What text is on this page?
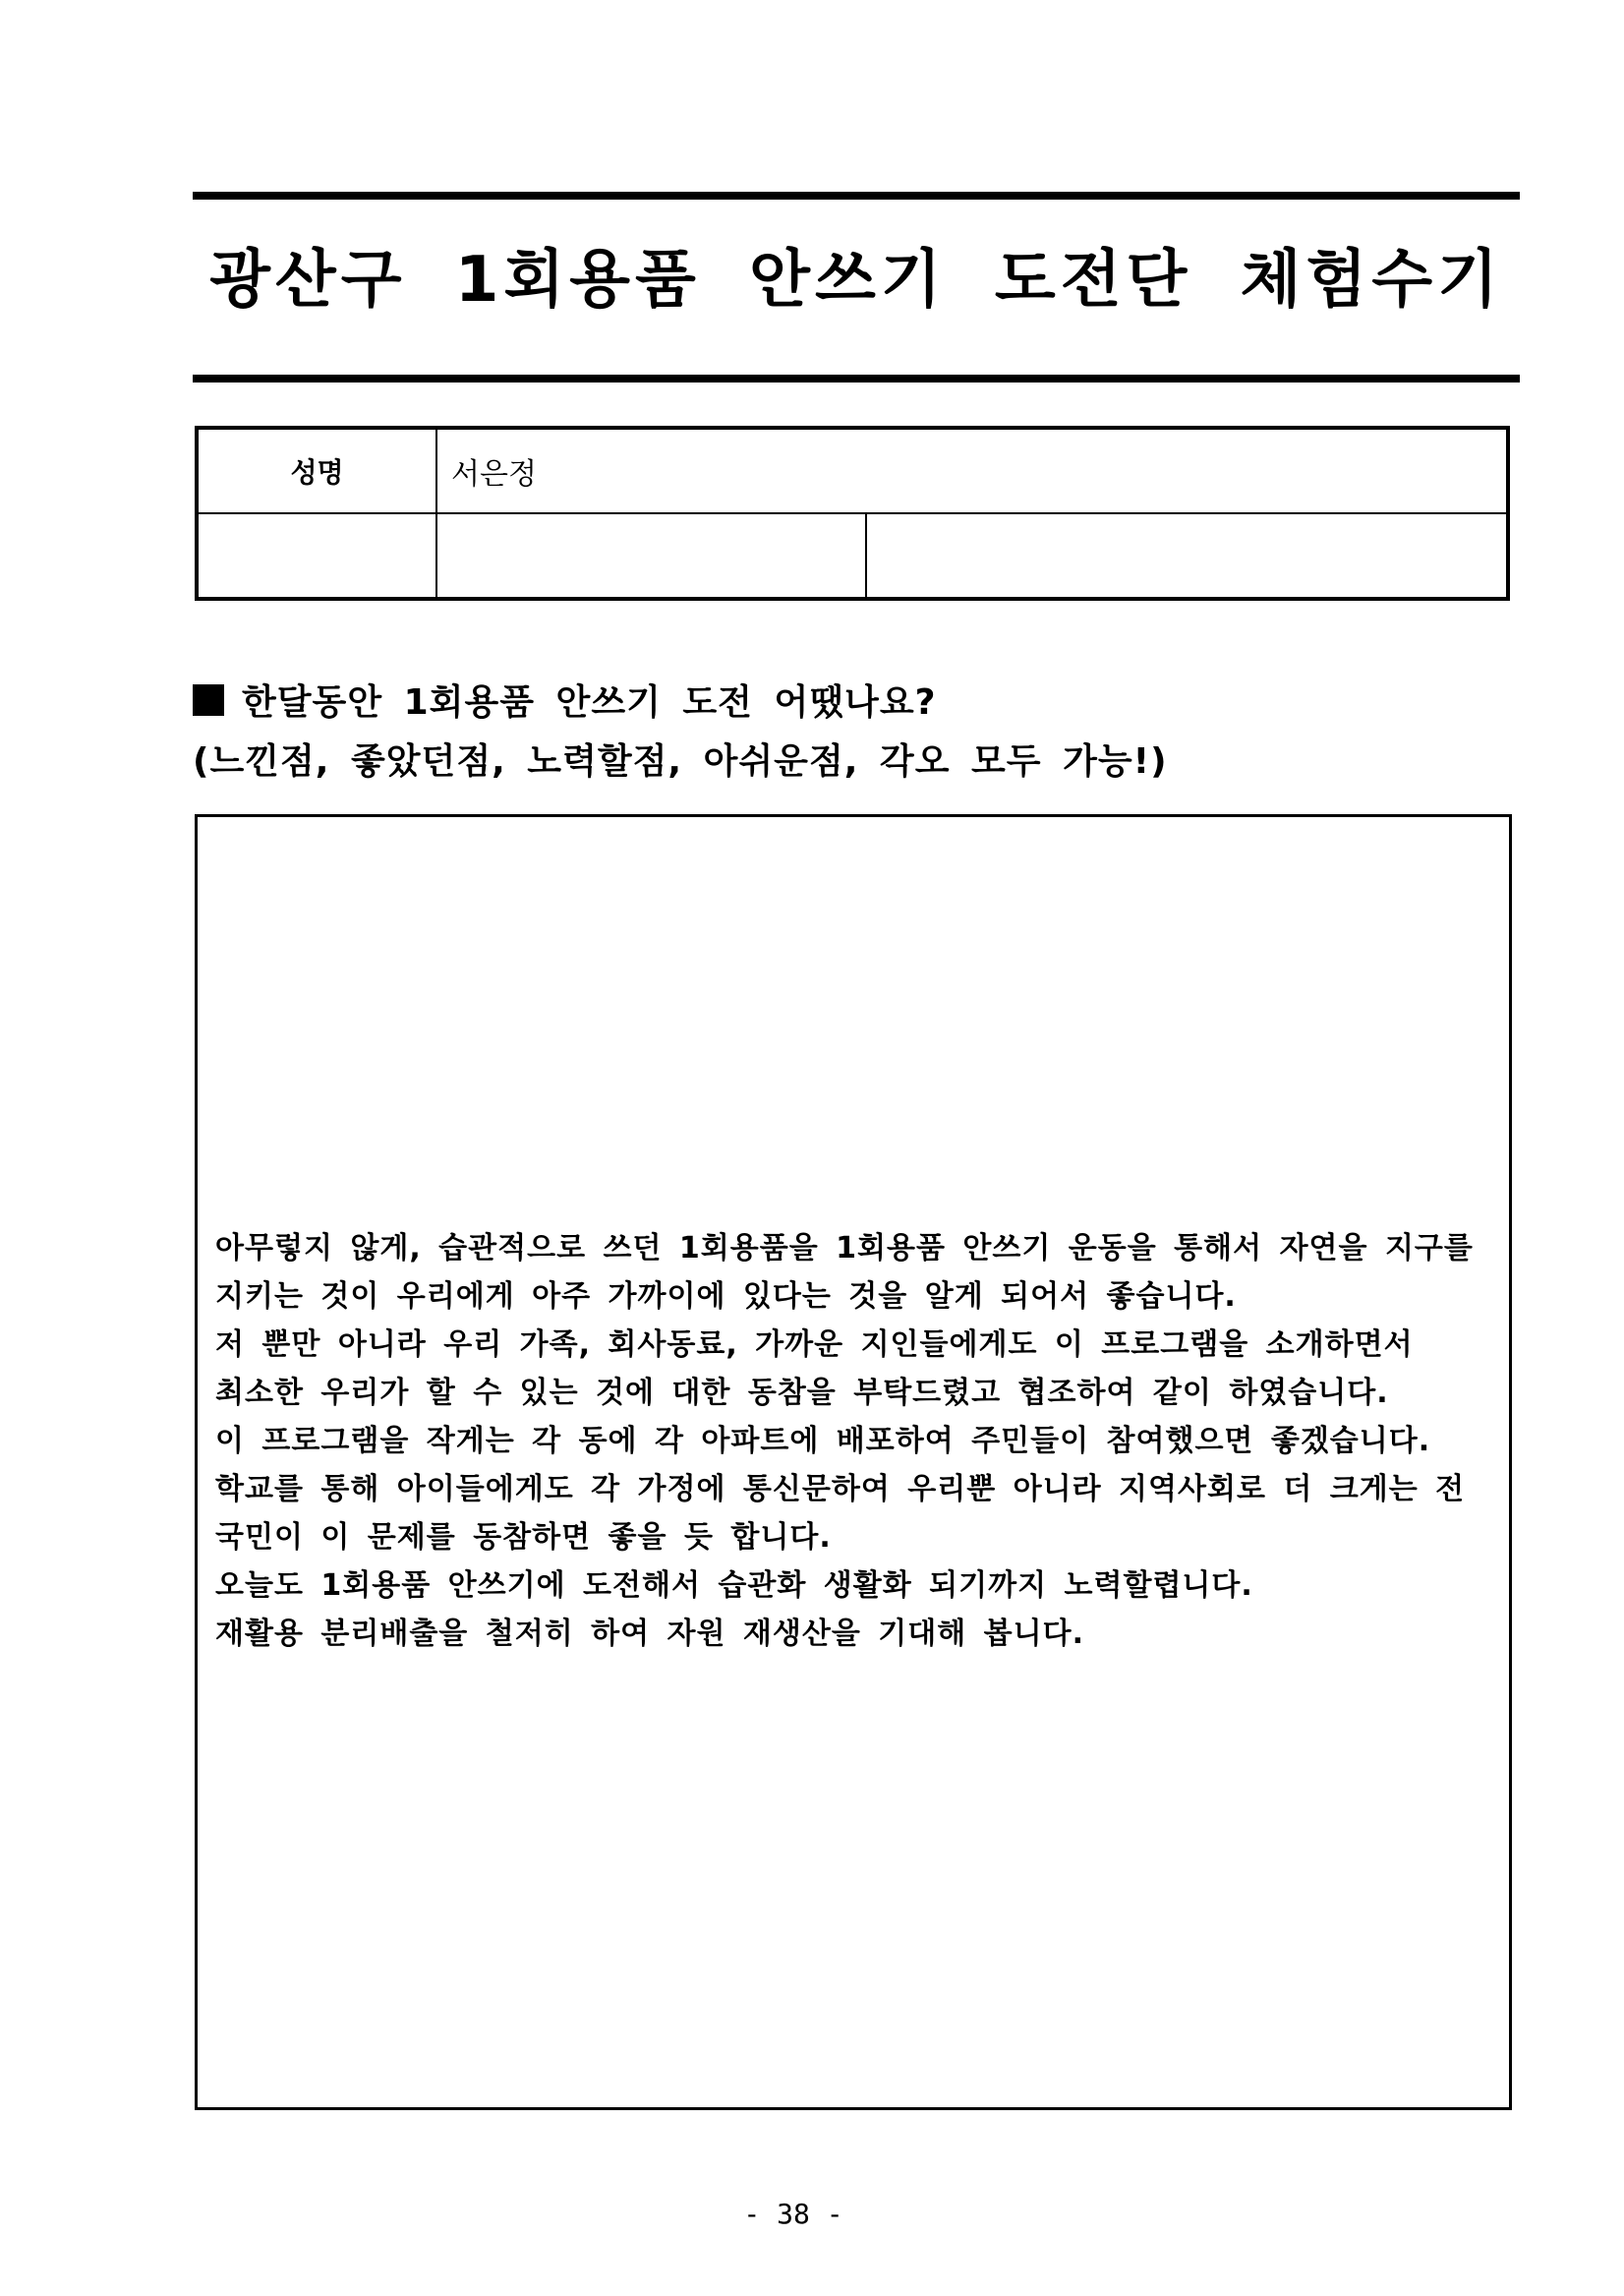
광산구 1회용품 안쓰기 도전단 체험수기
성명	서은정	

한달동안 1회용품 안쓰기 도전 어땠나요?
(느낀점, 좋았던점, 노력할점, 아쉬운점, 각오 모두 가능!)
아무렇지 않게, 습관적으로 쓰던 1회용품을 1회용품 안쓰기 운동을 통해서 자연을 지구를
지키는 것이 우리에게 아주 가까이에 있다는 것을 알게 되어서 좋습니다.
저 뿐만 아니라 우리 가족, 회사동료, 가까운 지인들에게도 이 프로그램을 소개하면서
최소한 우리가 할 수 있는 것에 대한 동참을 부탁드렸고 협조하여 같이 하였습니다.
이 프로그램을 작게는 각 동에 각 아파트에 배포하여 주민들이 참여했으면 좋겠습니다.
학교를 통해 아이들에게도 각 가정에 통신문하여 우리뿐 아니라 지역사회로 더 크게는 전
국민이 이 문제를 동참하면 좋을 듯 합니다.
오늘도 1회용품 안쓰기에 도전해서 습관화 생활화 되기까지 노력할렵니다.
재활용 분리배출을 철저히 하여 자원 재생산을 기대해 봅니다.
- 38 -
